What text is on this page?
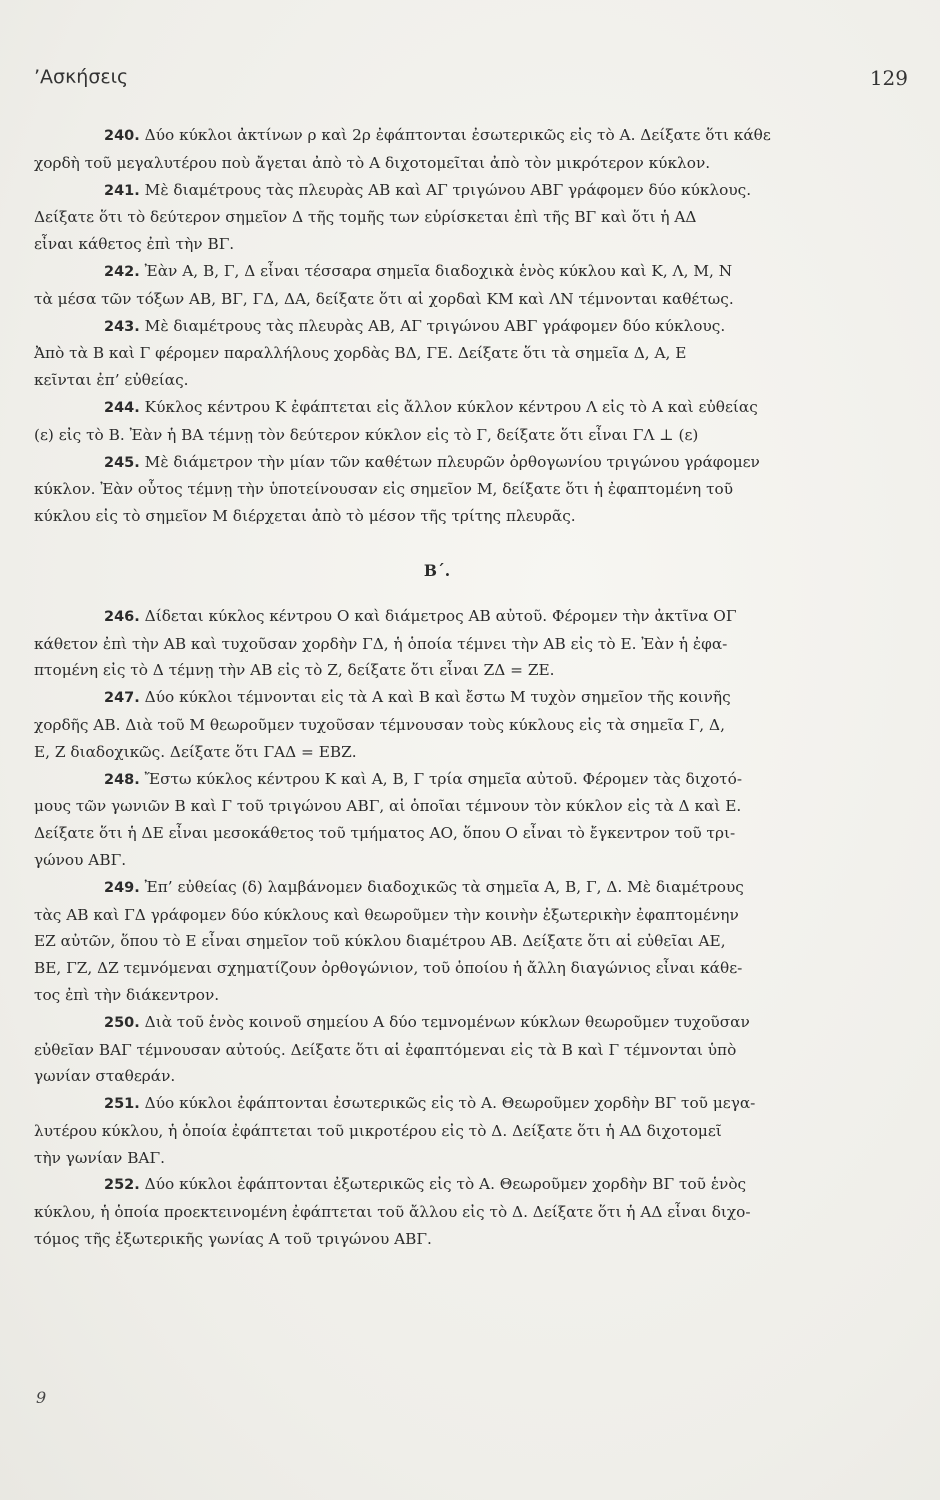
’Ασκήσεις	129

240. Δύο κύκλοι ἀκτίνων ρ καὶ 2ρ ἐφάπτονται ἐσωτερικῶς εἰς τὸ Α. Δείξατε ὅτι κάθε
χορδὴ τοῦ μεγαλυτέρου ποὺ ἄγεται ἀπὸ τὸ Α διχοτομεῖται ἀπὸ τὸν μικρότερον κύκλον.

241. Μὲ διαμέτρους τὰς πλευρὰς ΑΒ καὶ ΑΓ τριγώνου ΑΒΓ γράφομεν δύο κύκλους.
Δείξατε ὅτι τὸ δεύτερον σημεῖον Δ τῆς τομῆς των εὑρίσκεται ἐπὶ τῆς ΒΓ καὶ ὅτι ἡ ΑΔ
εἶναι κάθετος ἐπὶ τὴν ΒΓ.

242. Ἐὰν Α, Β, Γ, Δ εἶναι τέσσαρα σημεῖα διαδοχικὰ ἑνὸς κύκλου καὶ Κ, Λ, Μ, Ν
τὰ μέσα τῶν τόξων ΑΒ, ΒΓ, ΓΔ, ΔΑ, δείξατε ὅτι αἱ χορδαὶ ΚΜ καὶ ΛΝ τέμνονται καθέτως.

243. Μὲ διαμέτρους τὰς πλευρὰς ΑΒ, ΑΓ τριγώνου ΑΒΓ γράφομεν δύο κύκλους.
Ἀπὸ τὰ Β καὶ Γ φέρομεν παραλλήλους χορδὰς ΒΔ, ΓΕ. Δείξατε ὅτι τὰ σημεῖα Δ, Α, Ε
κεῖνται ἐπ’ εὐθείας.

244. Κύκλος κέντρου Κ ἐφάπτεται εἰς ἄλλον κύκλον κέντρου Λ εἰς τὸ Α καὶ εὐθείας
(ε) εἰς τὸ Β. Ἐὰν ἡ ΒΑ τέμνῃ τὸν δεύτερον κύκλον εἰς τὸ Γ, δείξατε ὅτι εἶναι ΓΛ ⊥ (ε)

245. Μὲ διάμετρον τὴν μίαν τῶν καθέτων πλευρῶν ὀρθογωνίου τριγώνου γράφομεν
κύκλον. Ἐὰν οὗτος τέμνῃ τὴν ὑποτείνουσαν εἰς σημεῖον Μ, δείξατε ὅτι ἡ ἐφαπτομένη τοῦ
κύκλου εἰς τὸ σημεῖον Μ διέρχεται ἀπὸ τὸ μέσον τῆς τρίτης πλευρᾶς.

Β΄.

246. Δίδεται κύκλος κέντρου Ο καὶ διάμετρος ΑΒ αὐτοῦ. Φέρομεν τὴν ἀκτῖνα ΟΓ
κάθετον ἐπὶ τὴν ΑΒ καὶ τυχοῦσαν χορδὴν ΓΔ, ἡ ὁποία τέμνει τὴν ΑΒ εἰς τὸ Ε. Ἐὰν ἡ ἐφα-
πτομένη εἰς τὸ Δ τέμνῃ τὴν ΑΒ εἰς τὸ Ζ, δείξατε ὅτι εἶναι ΖΔ = ΖΕ.

247. Δύο κύκλοι τέμνονται εἰς τὰ Α καὶ Β καὶ ἔστω Μ τυχὸν σημεῖον τῆς κοινῆς
χορδῆς ΑΒ. Διὰ τοῦ Μ θεωροῦμεν τυχοῦσαν τέμνουσαν τοὺς κύκλους εἰς τὰ σημεῖα Γ, Δ,
Ε, Ζ διαδοχικῶς. Δείξατε ὅτι ΓΑΔ = ΕΒΖ.

248. Ἔστω κύκλος κέντρου Κ καὶ Α, Β, Γ τρία σημεῖα αὐτοῦ. Φέρομεν τὰς διχοτό-
μους τῶν γωνιῶν Β καὶ Γ τοῦ τριγώνου ΑΒΓ, αἱ ὁποῖαι τέμνουν τὸν κύκλον εἰς τὰ Δ καὶ Ε.
Δείξατε ὅτι ἡ ΔΕ εἶναι μεσοκάθετος τοῦ τμήματος ΑΟ, ὅπου Ο εἶναι τὸ ἔγκεντρον τοῦ τρι-
γώνου ΑΒΓ.

249. Ἐπ’ εὐθείας (δ) λαμβάνομεν διαδοχικῶς τὰ σημεῖα Α, Β, Γ, Δ. Μὲ διαμέτρους
τὰς ΑΒ καὶ ΓΔ γράφομεν δύο κύκλους καὶ θεωροῦμεν τὴν κοινὴν ἐξωτερικὴν ἐφαπτομένην
ΕΖ αὐτῶν, ὅπου τὸ Ε εἶναι σημεῖον τοῦ κύκλου διαμέτρου ΑΒ. Δείξατε ὅτι αἱ εὐθεῖαι ΑΕ,
ΒΕ, ΓΖ, ΔΖ τεμνόμεναι σχηματίζουν ὀρθογώνιον, τοῦ ὁποίου ἡ ἄλλη διαγώνιος εἶναι κάθε-
τος ἐπὶ τὴν διάκεντρον.

250. Διὰ τοῦ ἑνὸς κοινοῦ σημείου Α δύο τεμνομένων κύκλων θεωροῦμεν τυχοῦσαν
εὐθεῖαν ΒΑΓ τέμνουσαν αὐτούς. Δείξατε ὅτι αἱ ἐφαπτόμεναι εἰς τὰ Β καὶ Γ τέμνονται ὑπὸ
γωνίαν σταθεράν.

251. Δύο κύκλοι ἐφάπτονται ἐσωτερικῶς εἰς τὸ Α. Θεωροῦμεν χορδὴν ΒΓ τοῦ μεγα-
λυτέρου κύκλου, ἡ ὁποία ἐφάπτεται τοῦ μικροτέρου εἰς τὸ Δ. Δείξατε ὅτι ἡ ΑΔ διχοτομεῖ
τὴν γωνίαν ΒΑΓ.

252. Δύο κύκλοι ἐφάπτονται ἐξωτερικῶς εἰς τὸ Α. Θεωροῦμεν χορδὴν ΒΓ τοῦ ἑνὸς
κύκλου, ἡ ὁποία προεκτεινομένη ἐφάπτεται τοῦ ἄλλου εἰς τὸ Δ. Δείξατε ὅτι ἡ ΑΔ εἶναι διχο-
τόμος τῆς ἐξωτερικῆς γωνίας Α τοῦ τριγώνου ΑΒΓ.

9
